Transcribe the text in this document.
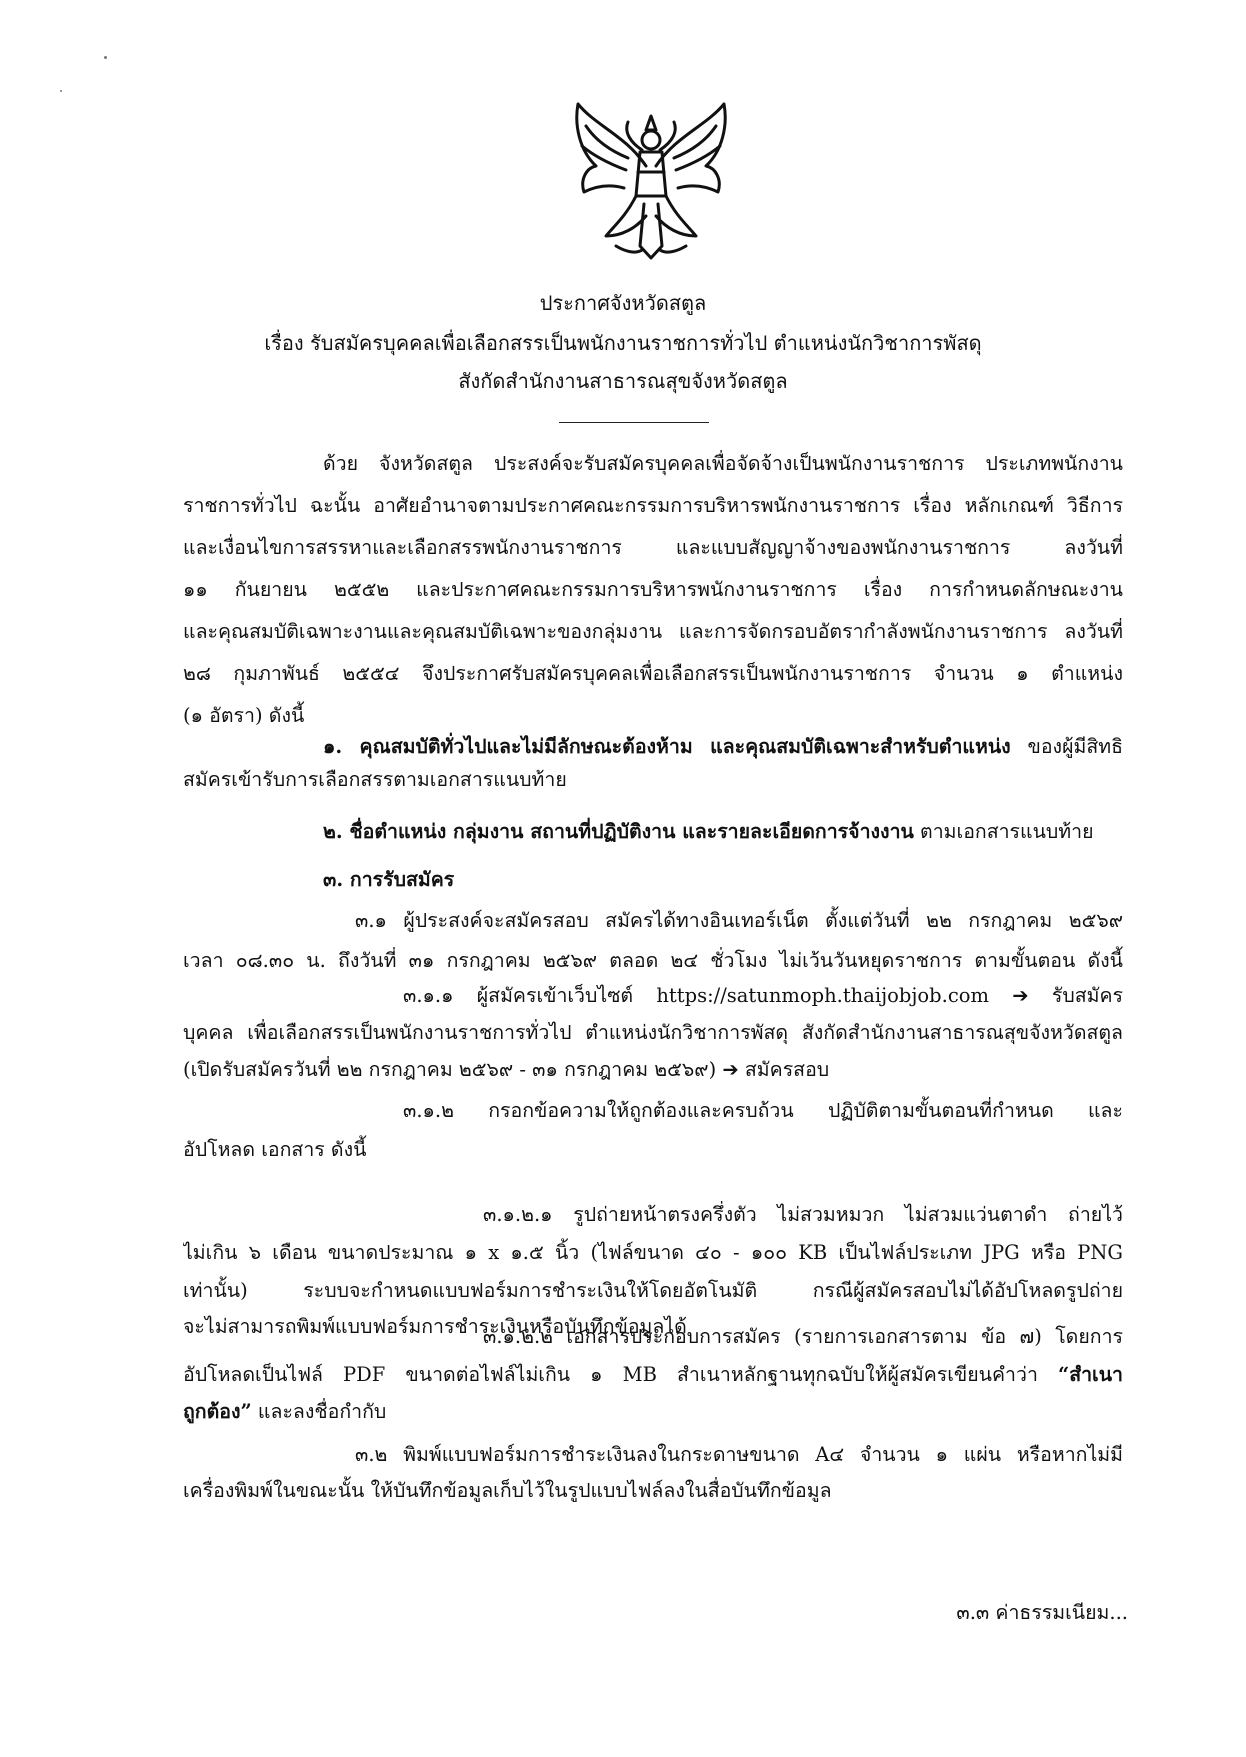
ประกาศจังหวัดสตูล
เรื่อง รับสมัครบุคคลเพื่อเลือกสรรเป็นพนักงานราชการทั่วไป ตำแหน่งนักวิชาการพัสดุ
สังกัดสำนักงานสาธารณสุขจังหวัดสตูล
ด้วย จังหวัดสตูล ประสงค์จะรับสมัครบุคคลเพื่อจัดจ้างเป็นพนักงานราชการ ประเภทพนักงาน
ราชการทั่วไป ฉะนั้น อาศัยอำนาจตามประกาศคณะกรรมการบริหารพนักงานราชการ เรื่อง หลักเกณฑ์ วิธีการ
และเงื่อนไขการสรรหาและเลือกสรรพนักงานราชการ และแบบสัญญาจ้างของพนักงานราชการ ลงวันที่
๑๑ กันยายน ๒๕๕๒ และประกาศคณะกรรมการบริหารพนักงานราชการ เรื่อง การกำหนดลักษณะงาน
และคุณสมบัติเฉพาะงานและคุณสมบัติเฉพาะของกลุ่มงาน และการจัดกรอบอัตรากำลังพนักงานราชการ ลงวันที่
๒๘ กุมภาพันธ์ ๒๕๕๔ จึงประกาศรับสมัครบุคคลเพื่อเลือกสรรเป็นพนักงานราชการ จำนวน ๑ ตำแหน่ง
(๑ อัตรา) ดังนี้
๑. คุณสมบัติทั่วไปและไม่มีลักษณะต้องห้าม และคุณสมบัติเฉพาะสำหรับตำแหน่ง ของผู้มีสิทธิ
สมัครเข้ารับการเลือกสรรตามเอกสารแนบท้าย
๒. ชื่อตำแหน่ง กลุ่มงาน สถานที่ปฏิบัติงาน และรายละเอียดการจ้างงาน ตามเอกสารแนบท้าย
๓. การรับสมัคร
๓.๑ ผู้ประสงค์จะสมัครสอบ สมัครได้ทางอินเทอร์เน็ต ตั้งแต่วันที่ ๒๒ กรกฎาคม ๒๕๖๙
เวลา ๐๘.๓๐ น. ถึงวันที่ ๓๑ กรกฎาคม ๒๕๖๙ ตลอด ๒๔ ชั่วโมง ไม่เว้นวันหยุดราชการ ตามขั้นตอน ดังนี้
๓.๑.๑ ผู้สมัครเข้าเว็บไซต์ https://satunmoph.thaijobjob.com ➔ รับสมัคร
บุคคล เพื่อเลือกสรรเป็นพนักงานราชการทั่วไป ตำแหน่งนักวิชาการพัสดุ สังกัดสำนักงานสาธารณสุขจังหวัดสตูล
(เปิดรับสมัครวันที่ ๒๒ กรกฎาคม ๒๕๖๙ - ๓๑ กรกฎาคม ๒๕๖๙) ➔ สมัครสอบ
๓.๑.๒ กรอกข้อความให้ถูกต้องและครบถ้วน ปฏิบัติตามขั้นตอนที่กำหนด และ
อัปโหลด เอกสาร ดังนี้
๓.๑.๒.๑ รูปถ่ายหน้าตรงครึ่งตัว ไม่สวมหมวก ไม่สวมแว่นตาดำ ถ่ายไว้
ไม่เกิน ๖ เดือน ขนาดประมาณ ๑ x ๑.๕ นิ้ว (ไฟล์ขนาด ๔๐ - ๑๐๐ KB เป็นไฟล์ประเภท JPG หรือ PNG
เท่านั้น) ระบบจะกำหนดแบบฟอร์มการชำระเงินให้โดยอัตโนมัติ กรณีผู้สมัครสอบไม่ได้อัปโหลดรูปถ่าย
จะไม่สามารถพิมพ์แบบฟอร์มการชำระเงินหรือบันทึกข้อมูลได้
๓.๑.๒.๒ เอกสารประกอบการสมัคร (รายการเอกสารตาม ข้อ ๗) โดยการ
อัปโหลดเป็นไฟล์ PDF ขนาดต่อไฟล์ไม่เกิน ๑ MB สำเนาหลักฐานทุกฉบับให้ผู้สมัครเขียนคำว่า “สำเนา
ถูกต้อง” และลงชื่อกำกับ
๓.๒ พิมพ์แบบฟอร์มการชำระเงินลงในกระดาษขนาด A๔ จำนวน ๑ แผ่น หรือหากไม่มี
เครื่องพิมพ์ในขณะนั้น ให้บันทึกข้อมูลเก็บไว้ในรูปแบบไฟล์ลงในสื่อบันทึกข้อมูล
๓.๓ ค่าธรรมเนียม...
